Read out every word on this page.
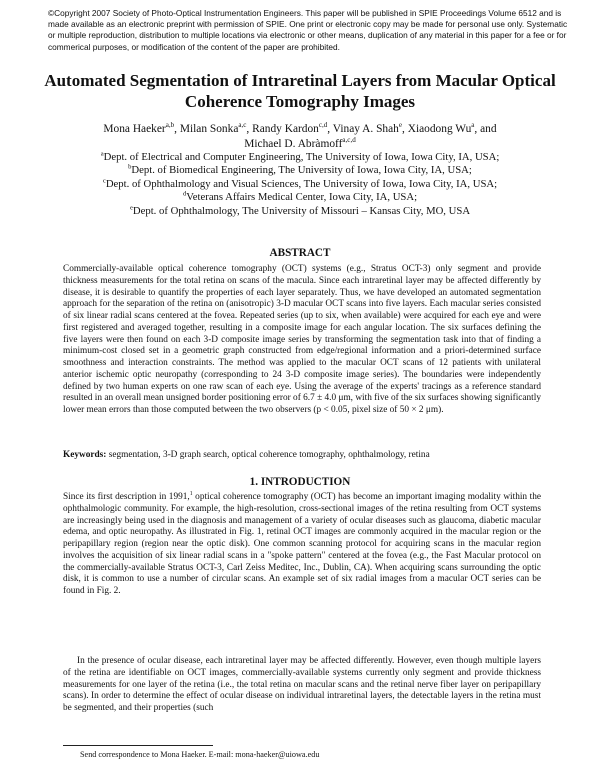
©Copyright 2007 Society of Photo-Optical Instrumentation Engineers. This paper will be published in SPIE Proceedings Volume 6512 and is made available as an electronic preprint with permission of SPIE. One print or electronic copy may be made for personal use only. Systematic or multiple reproduction, distribution to multiple locations via electronic or other means, duplication of any material in this paper for a fee or for commerical purposes, or modification of the content of the paper are prohibited.
Automated Segmentation of Intraretinal Layers from Macular Optical Coherence Tomography Images
Mona Haeker$^{a,b}$, Milan Sonka$^{a,c}$, Randy Kardon$^{c,d}$, Vinay A. Shah$^e$, Xiaodong Wu$^a$, and
Michael D. Abràmoff$^{a,c,d}$
$^a$Dept. of Electrical and Computer Engineering, The University of Iowa, Iowa City, IA, USA;
$^b$Dept. of Biomedical Engineering, The University of Iowa, Iowa City, IA, USA;
$^c$Dept. of Ophthalmology and Visual Sciences, The University of Iowa, Iowa City, IA, USA;
$^d$Veterans Affairs Medical Center, Iowa City, IA, USA;
$^e$Dept. of Ophthalmology, The University of Missouri – Kansas City, MO, USA
ABSTRACT

Commercially-available optical coherence tomography (OCT) systems (e.g., Stratus OCT-3) only segment and provide thickness measurements for the total retina on scans of the macula. Since each intraretinal layer may be affected differently by disease, it is desirable to quantify the properties of each layer separately. Thus, we have developed an automated segmentation approach for the separation of the retina on (anisotropic) 3-D macular OCT scans into five layers. Each macular series consisted of six linear radial scans centered at the fovea. Repeated series (up to six, when available) were acquired for each eye and were first registered and averaged together, resulting in a composite image for each angular location. The six surfaces defining the five layers were then found on each 3-D composite image series by transforming the segmentation task into that of finding a minimum-cost closed set in a geometric graph constructed from edge/regional information and a priori-determined surface smoothness and interaction constraints. The method was applied to the macular OCT scans of 12 patients with unilateral anterior ischemic optic neuropathy (corresponding to 24 3-D composite image series). The boundaries were independently defined by two human experts on one raw scan of each eye. Using the average of the experts' tracings as a reference standard resulted in an overall mean unsigned border positioning error of 6.7 ± 4.0 μm, with five of the six surfaces showing significantly lower mean errors than those computed between the two observers (p < 0.05, pixel size of 50 × 2 μm).

Keywords: segmentation, 3-D graph search, optical coherence tomography, ophthalmology, retina
1. INTRODUCTION

Since its first description in 1991,$^1$ optical coherence tomography (OCT) has become an important imaging modality within the ophthalmologic community. For example, the high-resolution, cross-sectional images of the retina resulting from OCT systems are increasingly being used in the diagnosis and management of a variety of ocular diseases such as glaucoma, diabetic macular edema, and optic neuropathy. As illustrated in Fig. 1, retinal OCT images are commonly acquired in the macular region or the peripapillary region (region near the optic disk). One common scanning protocol for acquiring scans in the macular region involves the acquisition of six linear radial scans in a "spoke pattern" centered at the fovea (e.g., the Fast Macular protocol on the commercially-available Stratus OCT-3, Carl Zeiss Meditec, Inc., Dublin, CA). When acquiring scans surrounding the optic disk, it is common to use a number of circular scans. An example set of six radial images from a macular OCT series can be found in Fig. 2.

In the presence of ocular disease, each intraretinal layer may be affected differently. However, even though multiple layers of the retina are identifiable on OCT images, commercially-available systems currently only segment and provide thickness measurements for one layer of the retina (i.e., the total retina on macular scans and the retinal nerve fiber layer on peripapillary scans). In order to determine the effect of ocular disease on individual intraretinal layers, the detectable layers in the retina must be segmented, and their properties (such

Send correspondence to Mona Haeker. E-mail: mona-haeker@uiowa.edu
